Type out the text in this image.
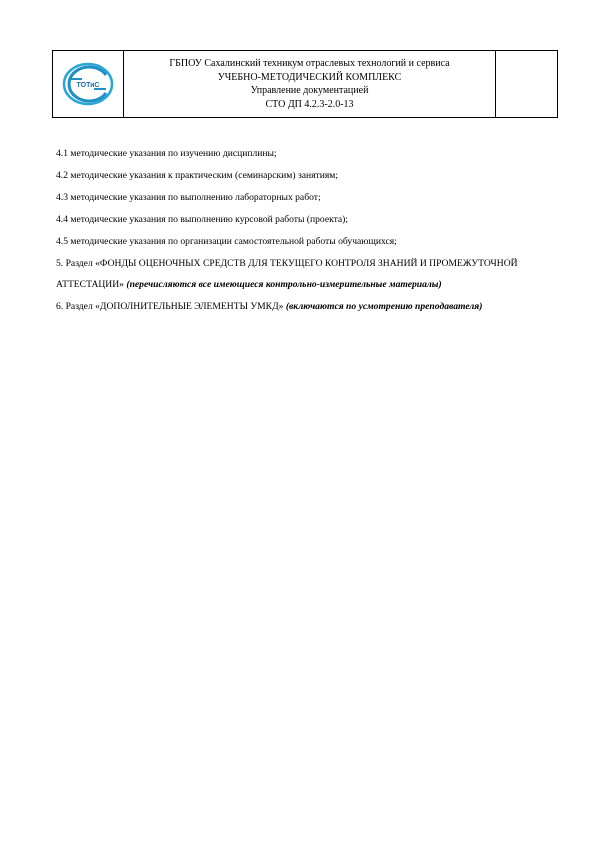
ТОТиС

ГБПОУ Сахалинский техникум отраслевых технологий и сервиса
УЧЕБНО-МЕТОДИЧЕСКИЙ КОМПЛЕКС
Управление документацией
СТО ДП 4.2.3-2.0-13

4.1 методические указания по изучению дисциплины;

4.2 методические указания к практическим (семинарским) занятиям;

4.3 методические указания по выполнению лабораторных работ;

4.4 методические указания по выполнению курсовой работы (проекта);

4.5 методические указания по организации самостоятельной работы обучающихся;

5. Раздел «ФОНДЫ ОЦЕНОЧНЫХ СРЕДСТВ ДЛЯ ТЕКУЩЕГО КОНТРОЛЯ ЗНАНИЙ И ПРОМЕЖУТОЧНОЙ АТТЕСТАЦИИ» (перечисляются все имеющиеся контрольно-измерительные материалы)

6. Раздел «ДОПОЛНИТЕЛЬНЫЕ ЭЛЕМЕНТЫ УМКД» (включаются по усмотрению преподавателя)
